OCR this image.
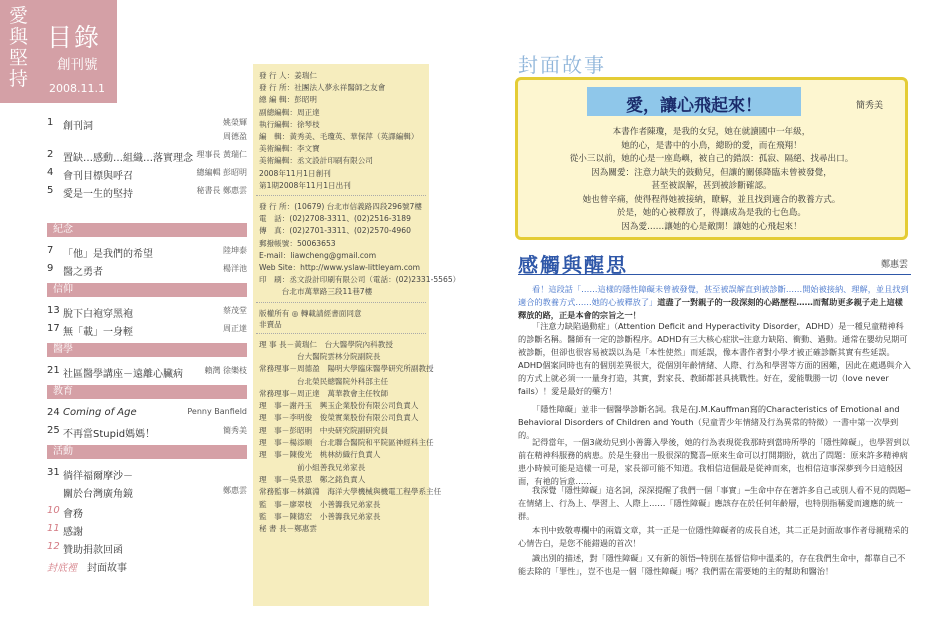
愛與堅持
目錄
創刊號
2008.11.1
1 創刊詞	姚榮輝
周德盈
2 置缺…感動…組織…落實理念 理事長 黃瑞仁
4 會刊目標與呼召	總編輯 彭昭明
5 愛是一生的堅持	秘書長 鄭惠雲
紀念
7 「他」是我們的希望	陸坤泰
9 醫之勇者	楊洋池
信仰
13 脫下白袍穿黑袍	蔡茂堂
17 無「載」一身輕	周正達
醫學
21 社區醫學講座－遠離心臟病	賴灣 徐樂枝
教育
24 Coming of Age	Penny Banfield
25 不再當Stupid媽媽！	簡秀美
活動
31 徜徉福爾摩沙－
關於台灣廣角鏡	鄭惠雲
10 會務
11 感謝
12 贊助捐款回函
封底裡 封面故事
發 行 人：姜瑞仁
發 行 所：社團法人夢永祥醫師之友會
總 編 輯：彭昭明
副總編輯：周正達
執行編輯：徐琴枝
編　輯：黃秀美、毛瓊英、華保萍（英譯編輯）
美術編輯：李文寶
美術編輯：丞文設計印刷有限公司
2008年11月1日創刊
第1期2008年11月1日出刊
發 行 所：(10679) 台北市信義路四段296號7樓
電　話：(02)2708-3311、(02)2516-3189
傳　真：(02)2701-3311、(02)2570-4960
郵撥帳號：50063653
E-mail：liawcheng@gmail.com
Web Site：http://www.yslaw-littleyam.com
印　刷：丞文設計印刷有限公司（電話：(02)2331-5565）
　　　台北市萬華路三段11巷7樓
版權所有 ◎ 轉載請經書面同意
非賣品
理 事 長－黃瑞仁　台大醫學院內科教授
　　　　　台大醫院雲林分院副院長
常務理事－周德盈　陽明大學臨床醫學研究所副教授
　　　　　台北榮民總醫院外科部主任
常務理事－周正達　萬華教會主任牧師
理　事－謝丹玉　興玉企業股份有限公司負責人
理　事－李明俊　俊榮實業股份有限公司負責人
理　事－彭昭明　中央研究院副研究員
理　事－楊添順　台北聯合醫院和平院區神經科主任
理　事－陳俊光　桃林紡織行負責人
　　　　　前小組善我兄弟家長
理　事－吳景思　鄭之銘負責人
常務監事－林鎮淵　海洋大學機械與機電工程學系主任
監　事－廖翠枝　小善籌我兄弟家長
監　事－陳德宏　小善籌我兄弟家長
秘 書 長－鄭惠雲
封面故事
愛，讓心飛起來！	簡秀美
本書作者陳瓊，是我的女兒，她在就讀國中一年級，
她的心，是書中的小鳥，總盼的愛，而在飛翔！
從小三以前，她的心是一座島嶼，被自己的錯誤：孤寂、隔絕、找尋出口。
因為關愛：注意力缺失的鼓動兒，但讓的關係降臨未曾被發覺，
甚至被誤解，甚到被診斷確認。
她也曾辛痛，使得程得她被接納，瞭解，並且找到適合的教養方式。
於是，她的心被釋放了，得讓成為是我的七色島。
因為愛……讓她的心是敵開！讓她的心飛起來！
感觸與醒思	鄭惠雲
看！這段話「……這樣的隱性障礙未曾被發覺，甚至被誤解直到被診斷……開始被接納、理解，並且找到適合的教養方式……她的心被釋放了」道盡了一對親子的一段深刻的心路歷程……而幫助更多親子走上這樣釋放的路，正是本會的宗旨之一！
「注意力缺陷過動症」（Attention Deficit and Hyperactivity Disorder，ADHD）是一種兒童精神科的診斷名稱。醫師有一定的診斷程序。ADHD有三大核心症狀─注意力缺陷、衝動、過動。通常在嬰幼兒期可被診斷，但卻也很容易被誤以為是「本性使然」而延誤，像本書作者對小學才被正確診斷其實有些延誤。ADHD個案同時也有的個別差異很大，從個別年齡情緒、人際、行為和學習等方面的困難，因此在處遇與介入的方式上就必須一一量身打造，其實，對家長、教師都甚具挑戰性。好在，愛能戰勝一切（love never fails）！愛是最好的藥方！
「隱性障礙」並非一個醫學診斷名詞。我是在J.M.Kauffman寫的Characteristics of Emotional and Behavioral Disorders of Children and Youth（兒童青少年情緒及行為異常的特徵）一書中第一次學到的。
記得當年，一個3歲幼兒到小善籌入學後，她的行為表現從我那時到當時所學的「隱性障礙」，也學習到以前在精神科服務的病患。於是生發出一股很深的驚喜─原來生命可以打開期盼，就出了問題：原來許多精神病患小時候可能是這樣一可是，家長卻可能不知道。我相信這個最是從神而來，也相信這事深夢到今日這般因面，有祂的旨意……
我深覺「隱性障礙」這名詞，深深提醒了我們一個「事實」─生命中存在著許多自己或別人看不見的問題─在情緒上、行為上、學習上、人際上……「隱性障礙」應該存在於任何年齡層，也特別指稱愛而適應的統一群。
本刊中致敬專欄中的兩篇文章，其一正是一位隱性障礙者的成長自述，其二正是封面故事作者母親精采的心情告白，是您不能錯過的首次！
識出別的描述，對「隱性障礙」又有新的領悟─特別在基督信仰中溫柔的，存在我們生命中，都靠自己不能去除的「罪性」，豈不也是一個「隱性障礙」嗎？我們需在需要她的主的幫助和醫治！
